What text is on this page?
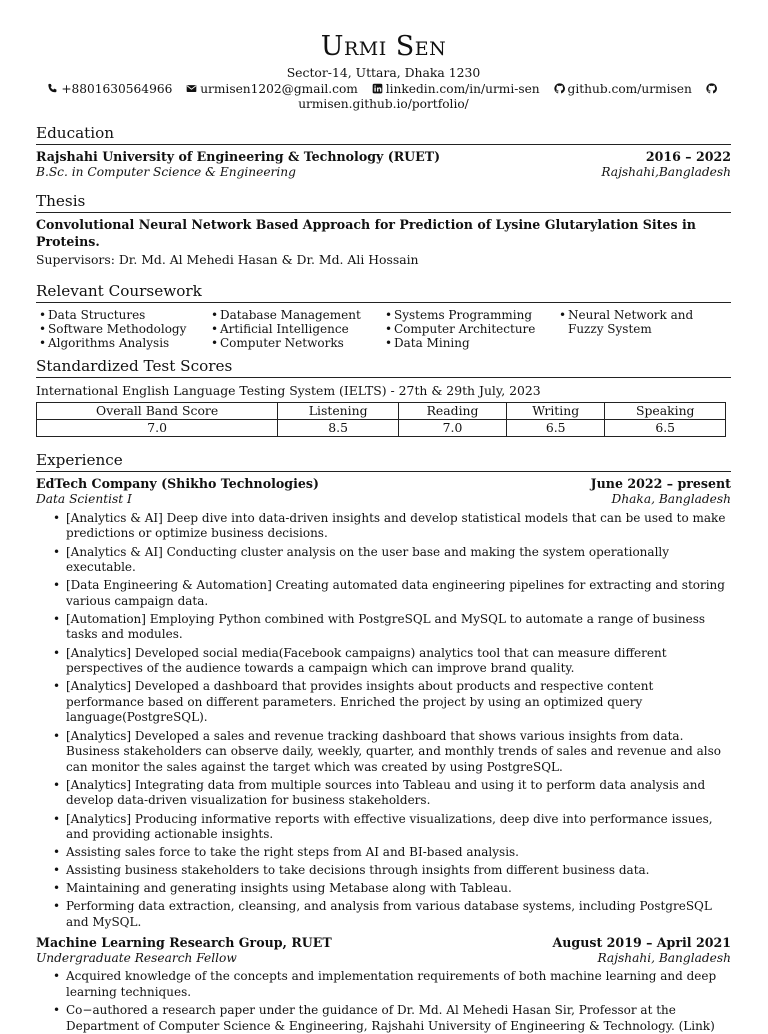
Urmi Sen
Sector-14, Uttara, Dhaka 1230
+8801630564966 urmisen1202@gmail.com linkedin.com/in/urmi-sen github.com/urmisen
urmisen.github.io/portfolio/
Education
Rajshahi University of Engineering & Technology (RUET)	2016 – 2022
B.Sc. in Computer Science & Engineering	Rajshahi,Bangladesh
Thesis
Convolutional Neural Network Based Approach for Prediction of Lysine Glutarylation Sites in Proteins.
Supervisors: Dr. Md. Al Mehedi Hasan & Dr. Md. Ali Hossain
Relevant Coursework
• Data Structures
• Software Methodology
• Algorithms Analysis
• Database Management
• Artificial Intelligence
• Computer Networks
• Systems Programming
• Computer Architecture
• Data Mining
• Neural Network and Fuzzy System
Standardized Test Scores
International English Language Testing System (IELTS) - 27th & 29th July, 2023
Overall Band Score	Listening	Reading	Writing	Speaking
7.0	8.5	7.0	6.5	6.5
Experience
EdTech Company (Shikho Technologies)	June 2022 – present
Data Scientist I	Dhaka, Bangladesh
• [Analytics & AI] Deep dive into data-driven insights and develop statistical models that can be used to make predictions or optimize business decisions.
• [Analytics & AI] Conducting cluster analysis on the user base and making the system operationally executable.
• [Data Engineering & Automation] Creating automated data engineering pipelines for extracting and storing various campaign data.
• [Automation] Employing Python combined with PostgreSQL and MySQL to automate a range of business tasks and modules.
• [Analytics] Developed social media(Facebook campaigns) analytics tool that can measure different perspectives of the audience towards a campaign which can improve brand quality.
• [Analytics] Developed a dashboard that provides insights about products and respective content performance based on different parameters. Enriched the project by using an optimized query language(PostgreSQL).
• [Analytics] Developed a sales and revenue tracking dashboard that shows various insights from data. Business stakeholders can observe daily, weekly, quarter, and monthly trends of sales and revenue and also can monitor the sales against the target which was created by using PostgreSQL.
• [Analytics] Integrating data from multiple sources into Tableau and using it to perform data analysis and develop data-driven visualization for business stakeholders.
• [Analytics] Producing informative reports with effective visualizations, deep dive into performance issues, and providing actionable insights.
• Assisting sales force to take the right steps from AI and BI-based analysis.
• Assisting business stakeholders to take decisions through insights from different business data.
• Maintaining and generating insights using Metabase along with Tableau.
• Performing data extraction, cleansing, and analysis from various database systems, including PostgreSQL and MySQL.
Machine Learning Research Group, RUET	August 2019 – April 2021
Undergraduate Research Fellow	Rajshahi, Bangladesh
• Acquired knowledge of the concepts and implementation requirements of both machine learning and deep learning techniques.
• Co−authored a research paper under the guidance of Dr. Md. Al Mehedi Hasan Sir, Professor at the Department of Computer Science & Engineering, Rajshahi University of Engineering & Technology. (Link)
